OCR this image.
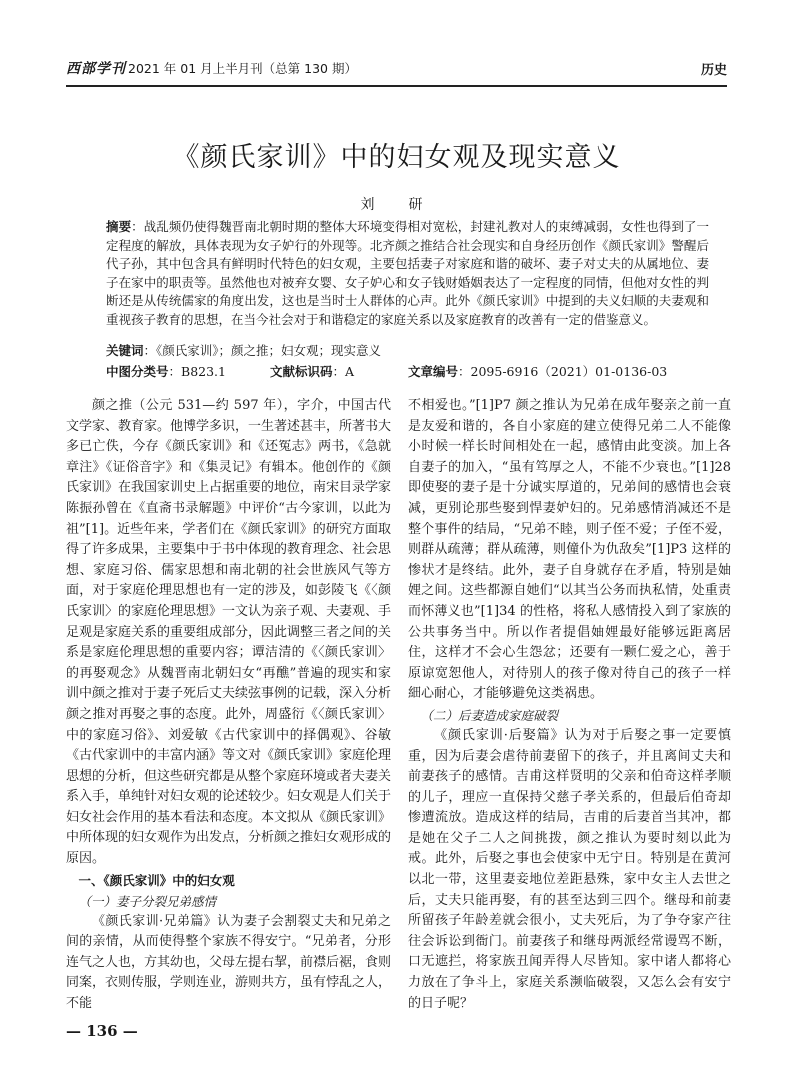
西部学刊 2021 年 01 月上半月刊（总第 130 期）	历史
《颜氏家训》中的妇女观及现实意义
刘　研

摘要：战乱频仍使得魏晋南北朝时期的整体大环境变得相对宽松，封建礼教对人的束缚减弱，女性也得到了一定程度的解放，具体表现为女子妒行的外现等。北齐颜之推结合社会现实和自身经历创作《颜氏家训》警醒后代子孙，其中包含具有鲜明时代特色的妇女观，主要包括妻子对家庭和谐的破坏、妻子对丈夫的从属地位、妻子在家中的职责等。虽然他也对被弃女婴、女子妒心和女子钱财婚姻表达了一定程度的同情，但他对女性的判断还是从传统儒家的角度出发，这也是当时士人群体的心声。此外《颜氏家训》中提到的夫义妇顺的夫妻观和重视孩子教育的思想，在当今社会对于和谐稳定的家庭关系以及家庭教育的改善有一定的借鉴意义。

关键词：《颜氏家训》；颜之推；妇女观；现实意义
中图分类号 ：B823.1	文献标识码 ：A	文章编号 ：2095-6916（2021）01-0136-03

颜之推（公元 531—约 597 年），字介，中国古代文学家、教育家。他博学多识，一生著述甚丰，所著书大多已亡佚，今存《颜氏家训》和《还冤志》两书，《急就章注》《证俗音字》和《集灵记》有辑本。他创作的《颜氏家训》在我国家训史上占据重要的地位，南宋目录学家陈振孙曾在《直斋书录解题》中评价“古今家训，以此为祖”[1]。近些年来，学者们在《颜氏家训》的研究方面取得了许多成果，主要集中于书中体现的教育理念、社会思想、家庭习俗、儒家思想和南北朝的社会世族风气等方面，对于家庭伦理思想也有一定的涉及，如彭陵飞《〈颜氏家训〉的家庭伦理思想》一文认为亲子观、夫妻观、手足观是家庭关系的重要组成部分，因此调整三者之间的关系是家庭伦理思想的重要内容；谭洁清的《〈颜氏家训〉的再娶观念》从魏晋南北朝妇女“再醮”普遍的现实和家训中颜之推对于妻子死后丈夫续弦事例的记载，深入分析颜之推对再娶之事的态度。此外，周盛衍《〈颜氏家训〉中的家庭习俗》、刘爱敏《古代家训中的择偶观》、谷敏《古代家训中的丰富内涵》等文对《颜氏家训》家庭伦理思想的分析，但这些研究都是从整个家庭环境或者夫妻关系入手，单纯针对妇女观的论述较少。妇女观是人们关于妇女社会作用的基本看法和态度。本文拟从《颜氏家训》中所体现的妇女观作为出发点，分析颜之推妇女观形成的原因。

一、《颜氏家训》中的妇女观
（一）妻子分裂兄弟感情

《颜氏家训·兄弟篇》认为妻子会割裂丈夫和兄弟之间的亲情，从而使得整个家族不得安宁。“兄弟者，分形连气之人也，方其幼也，父母左提右挈，前襟后裾，食则同案，衣则传服，学则连业，游则共方，虽有悖乱之人，不能

不相爱也。”[1]P7 颜之推认为兄弟在成年娶亲之前一直是友爱和谐的，各自小家庭的建立使得兄弟二人不能像小时候一样长时间相处在一起，感情由此变淡。加上各自妻子的加入，“虽有笃厚之人，不能不少衰也。”[1]28 即使娶的妻子是十分诚实厚道的，兄弟间的感情也会衰减，更别论那些娶到悍妻妒妇的。兄弟感情消减还不是整个事件的结局，“兄弟不睦，则子侄不爱；子侄不爱，则群从疏薄；群从疏薄，则僮仆为仇敌矣”[1]P3 这样的惨状才是终结。此外，妻子自身就存在矛盾，特别是妯娌之间。这些都源自她们“以其当公务而执私情，处重责而怀薄义也”[1]34 的性格，将私人感情投入到了家族的公共事务当中。所以作者提倡妯娌最好能够远距离居住，这样才不会心生怨忿；还要有一颗仁爱之心，善于原谅宽恕他人，对待别人的孩子像对待自己的孩子一样細心耐心，才能够避免这类祸患。

（二）后妻造成家庭破裂

《颜氏家训·后娶篇》认为对于后娶之事一定要慎重，因为后妻会虐待前妻留下的孩子，并且离间丈夫和前妻孩子的感情。吉甫这样贤明的父亲和伯奇这样孝顺的儿子，理应一直保持父慈子孝关系的，但最后伯奇却惨遭流放。造成这样的结局，吉甫的后妻首当其冲，都是她在父子二人之间挑拨，颜之推认为要时刻以此为戒。此外，后娶之事也会使家中无宁日。特别是在黄河以北一带，这里妻妾地位差距悬殊，家中女主人去世之后，丈夫只能再娶，有的甚至达到三四个。继母和前妻所留孩子年龄差就会很小，丈夫死后，为了争夺家产往往会诉讼到衙门。前妻孩子和继母两派经常谩骂不断，口无遮拦，将家族丑闻弄得人尽皆知。家中诸人都将心力放在了争斗上，家庭关系濒临破裂，又怎么会有安宁的日子呢？

— 136 —
